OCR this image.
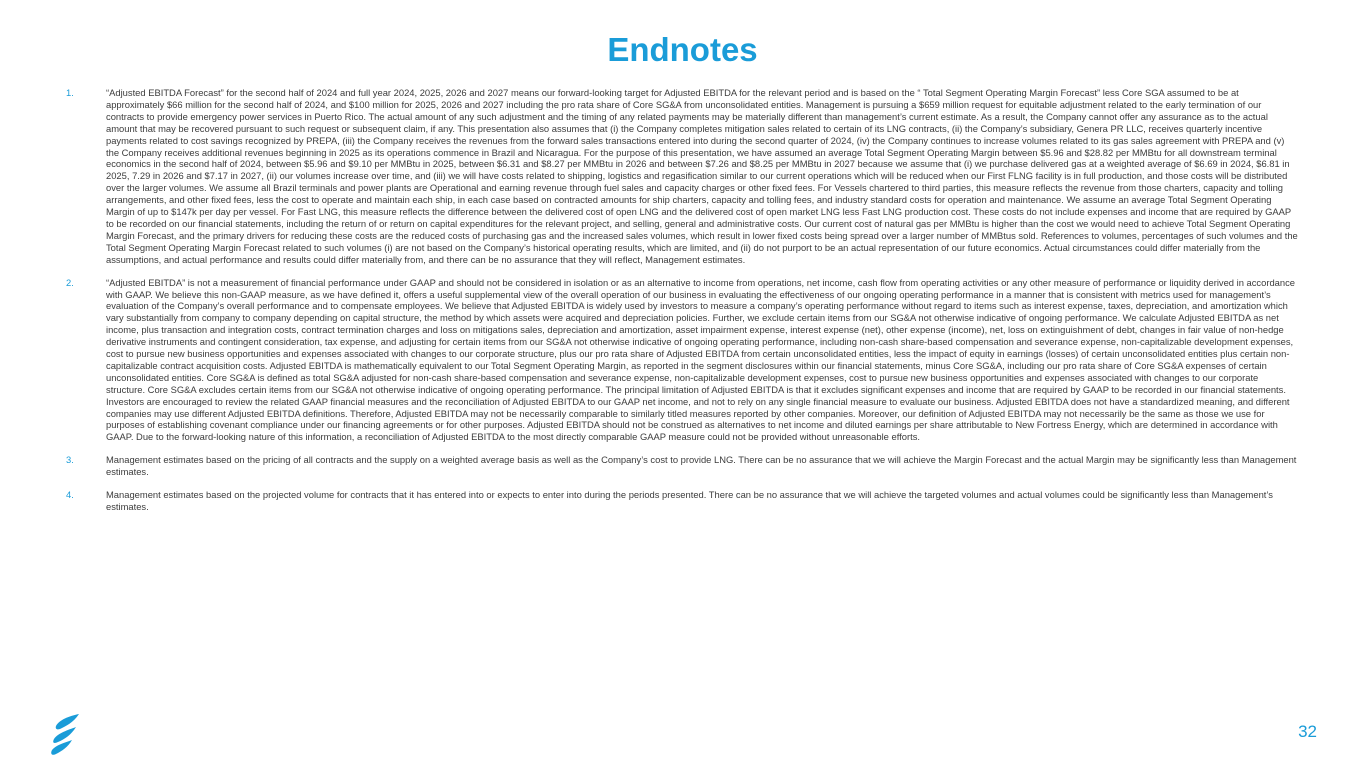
Endnotes
1.	“Adjusted EBITDA Forecast” for the second half of 2024 and full year 2024, 2025, 2026 and 2027 means our forward-looking target for Adjusted EBITDA for the relevant period and is based on the “ Total Segment Operating Margin Forecast” less Core SGA assumed to be at approximately $66 million for the second half of 2024, and $100 million for 2025, 2026 and 2027 including the pro rata share of Core SG&A from unconsolidated entities. Management is pursuing a $659 million request for equitable adjustment related to the early termination of our contracts to provide emergency power services in Puerto Rico. The actual amount of any such adjustment and the timing of any related payments may be materially different than management’s current estimate. As a result, the Company cannot offer any assurance as to the actual amount that may be recovered pursuant to such request or subsequent claim, if any. This presentation also assumes that (i) the Company completes mitigation sales related to certain of its LNG contracts, (ii) the Company’s subsidiary, Genera PR LLC, receives quarterly incentive payments related to cost savings recognized by PREPA, (iii) the Company receives the revenues from the forward sales transactions entered into during the second quarter of 2024, (iv) the Company continues to increase volumes related to its gas sales agreement with PREPA and (v) the Company receives additional revenues beginning in 2025 as its operations commence in Brazil and Nicaragua. For the purpose of this presentation, we have assumed an average Total Segment Operating Margin between $5.96 and $28.82 per MMBtu for all downstream terminal economics in the second half of 2024, between $5.96 and $9.10 per MMBtu in 2025, between $6.31 and $8.27 per MMBtu in 2026 and between $7.26 and $8.25 per MMBtu in 2027 because we assume that (i) we purchase delivered gas at a weighted average of $6.69 in 2024, $6.81 in 2025, 7.29 in 2026 and $7.17 in 2027, (ii) our volumes increase over time, and (iii) we will have costs related to shipping, logistics and regasification similar to our current operations which will be reduced when our First FLNG facility is in full production, and those costs will be distributed over the larger volumes. We assume all Brazil terminals and power plants are Operational and earning revenue through fuel sales and capacity charges or other fixed fees. For Vessels chartered to third parties, this measure reflects the revenue from those charters, capacity and tolling arrangements, and other fixed fees, less the cost to operate and maintain each ship, in each case based on contracted amounts for ship charters, capacity and tolling fees, and industry standard costs for operation and maintenance. We assume an average Total Segment Operating Margin of up to $147k per day per vessel. For Fast LNG, this measure reflects the difference between the delivered cost of open LNG and the delivered cost of open market LNG less Fast LNG production cost. These costs do not include expenses and income that are required by GAAP to be recorded on our financial statements, including the return of or return on capital expenditures for the relevant project, and selling, general and administrative costs. Our current cost of natural gas per MMBtu is higher than the cost we would need to achieve Total Segment Operating Margin Forecast, and the primary drivers for reducing these costs are the reduced costs of purchasing gas and the increased sales volumes, which result in lower fixed costs being spread over a larger number of MMBtus sold. References to volumes, percentages of such volumes and the Total Segment Operating Margin Forecast related to such volumes (i) are not based on the Company’s historical operating results, which are limited, and (ii) do not purport to be an actual representation of our future economics. Actual circumstances could differ materially from the assumptions, and actual performance and results could differ materially from, and there can be no assurance that they will reflect, Management estimates.
2.	“Adjusted EBITDA” is not a measurement of financial performance under GAAP and should not be considered in isolation or as an alternative to income from operations, net income, cash flow from operating activities or any other measure of performance or liquidity derived in accordance with GAAP. We believe this non-GAAP measure, as we have defined it, offers a useful supplemental view of the overall operation of our business in evaluating the effectiveness of our ongoing operating performance in a manner that is consistent with metrics used for management’s evaluation of the Company’s overall performance and to compensate employees. We believe that Adjusted EBITDA is widely used by investors to measure a company’s operating performance without regard to items such as interest expense, taxes, depreciation, and amortization which vary substantially from company to company depending on capital structure, the method by which assets were acquired and depreciation policies. Further, we exclude certain items from our SG&A not otherwise indicative of ongoing performance. We calculate Adjusted EBITDA as net income, plus transaction and integration costs, contract termination charges and loss on mitigations sales, depreciation and amortization, asset impairment expense, interest expense (net), other expense (income), net, loss on extinguishment of debt, changes in fair value of non-hedge derivative instruments and contingent consideration, tax expense, and adjusting for certain items from our SG&A not otherwise indicative of ongoing operating performance, including non-cash share-based compensation and severance expense, non-capitalizable development expenses, cost to pursue new business opportunities and expenses associated with changes to our corporate structure, plus our pro rata share of Adjusted EBITDA from certain unconsolidated entities, less the impact of equity in earnings (losses) of certain unconsolidated entities plus certain non-capitalizable contract acquisition costs. Adjusted EBITDA is mathematically equivalent to our Total Segment Operating Margin, as reported in the segment disclosures within our financial statements, minus Core SG&A, including our pro rata share of Core SG&A expenses of certain unconsolidated entities. Core SG&A is defined as total SG&A adjusted for non-cash share-based compensation and severance expense, non-capitalizable development expenses, cost to pursue new business opportunities and expenses associated with changes to our corporate structure. Core SG&A excludes certain items from our SG&A not otherwise indicative of ongoing operating performance. The principal limitation of Adjusted EBITDA is that it excludes significant expenses and income that are required by GAAP to be recorded in our financial statements. Investors are encouraged to review the related GAAP financial measures and the reconciliation of Adjusted EBITDA to our GAAP net income, and not to rely on any single financial measure to evaluate our business. Adjusted EBITDA does not have a standardized meaning, and different companies may use different Adjusted EBITDA definitions. Therefore, Adjusted EBITDA may not be necessarily comparable to similarly titled measures reported by other companies. Moreover, our definition of Adjusted EBITDA may not necessarily be the same as those we use for purposes of establishing covenant compliance under our financing agreements or for other purposes. Adjusted EBITDA should not be construed as alternatives to net income and diluted earnings per share attributable to New Fortress Energy, which are determined in accordance with GAAP. Due to the forward-looking nature of this information, a reconciliation of Adjusted EBITDA to the most directly comparable GAAP measure could not be provided without unreasonable efforts.
3.	Management estimates based on the pricing of all contracts and the supply on a weighted average basis as well as the Company’s cost to provide LNG. There can be no assurance that we will achieve the Margin Forecast and the actual Margin may be significantly less than Management estimates.
4.	Management estimates based on the projected volume for contracts that it has entered into or expects to enter into during the periods presented. There can be no assurance that we will achieve the targeted volumes and actual volumes could be significantly less than Management’s estimates.
32
